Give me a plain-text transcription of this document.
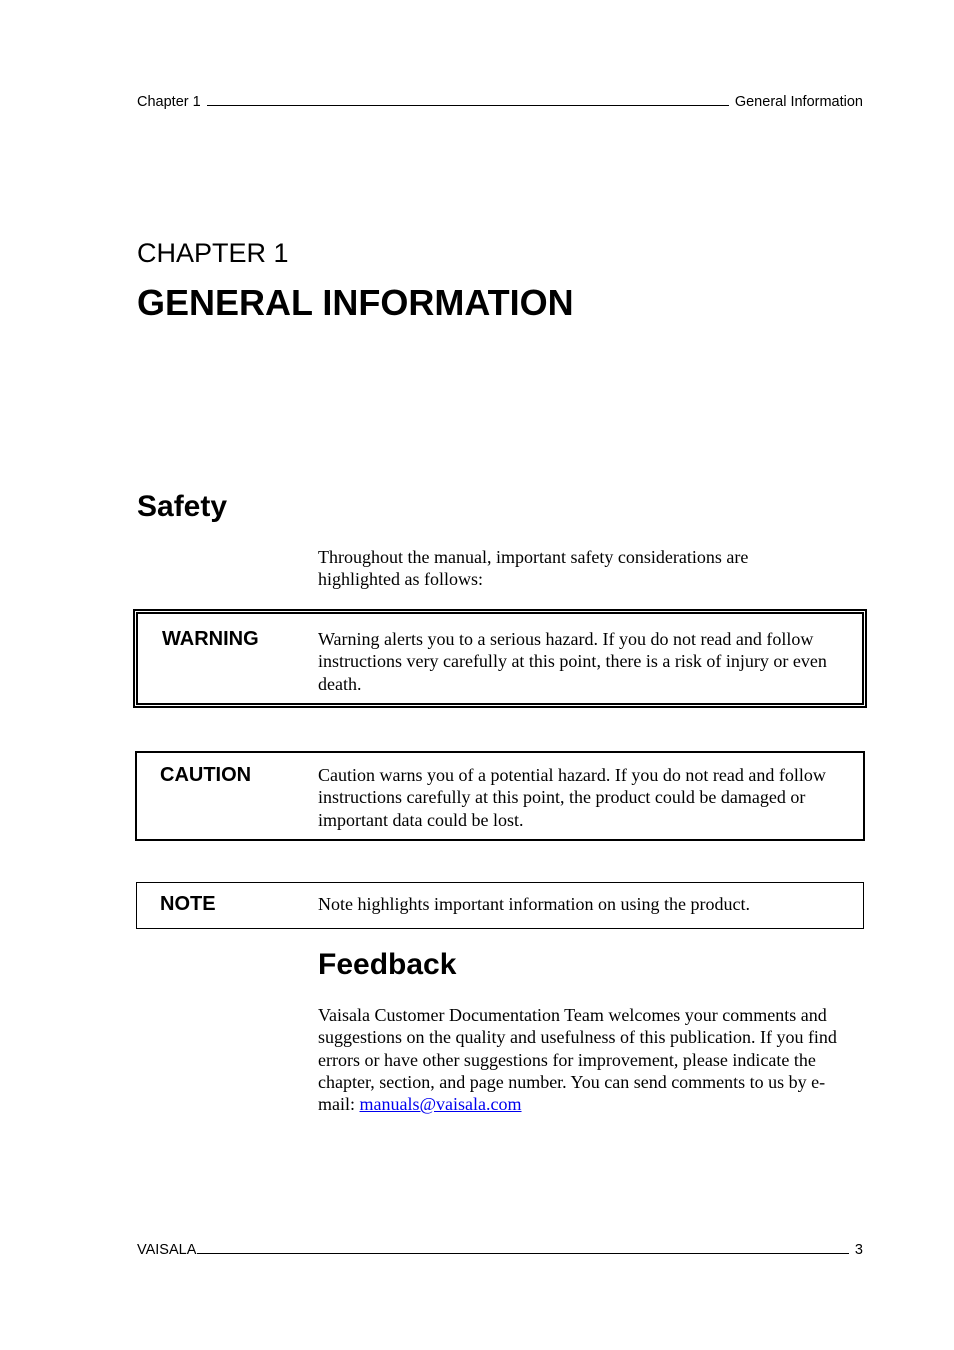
Chapter 1	General Information
CHAPTER 1
GENERAL INFORMATION
Safety
Throughout the manual, important safety considerations are highlighted as follows:
WARNING	Warning alerts you to a serious hazard. If you do not read and follow instructions very carefully at this point, there is a risk of injury or even death.
CAUTION	Caution warns you of a potential hazard. If you do not read and follow instructions carefully at this point, the product could be damaged or important data could be lost.
NOTE	Note highlights important information on using the product.
Feedback
Vaisala Customer Documentation Team welcomes your comments and suggestions on the quality and usefulness of this publication. If you find errors or have other suggestions for improvement, please indicate the chapter, section, and page number. You can send comments to us by e-mail: manuals@vaisala.com
VAISALA	3
